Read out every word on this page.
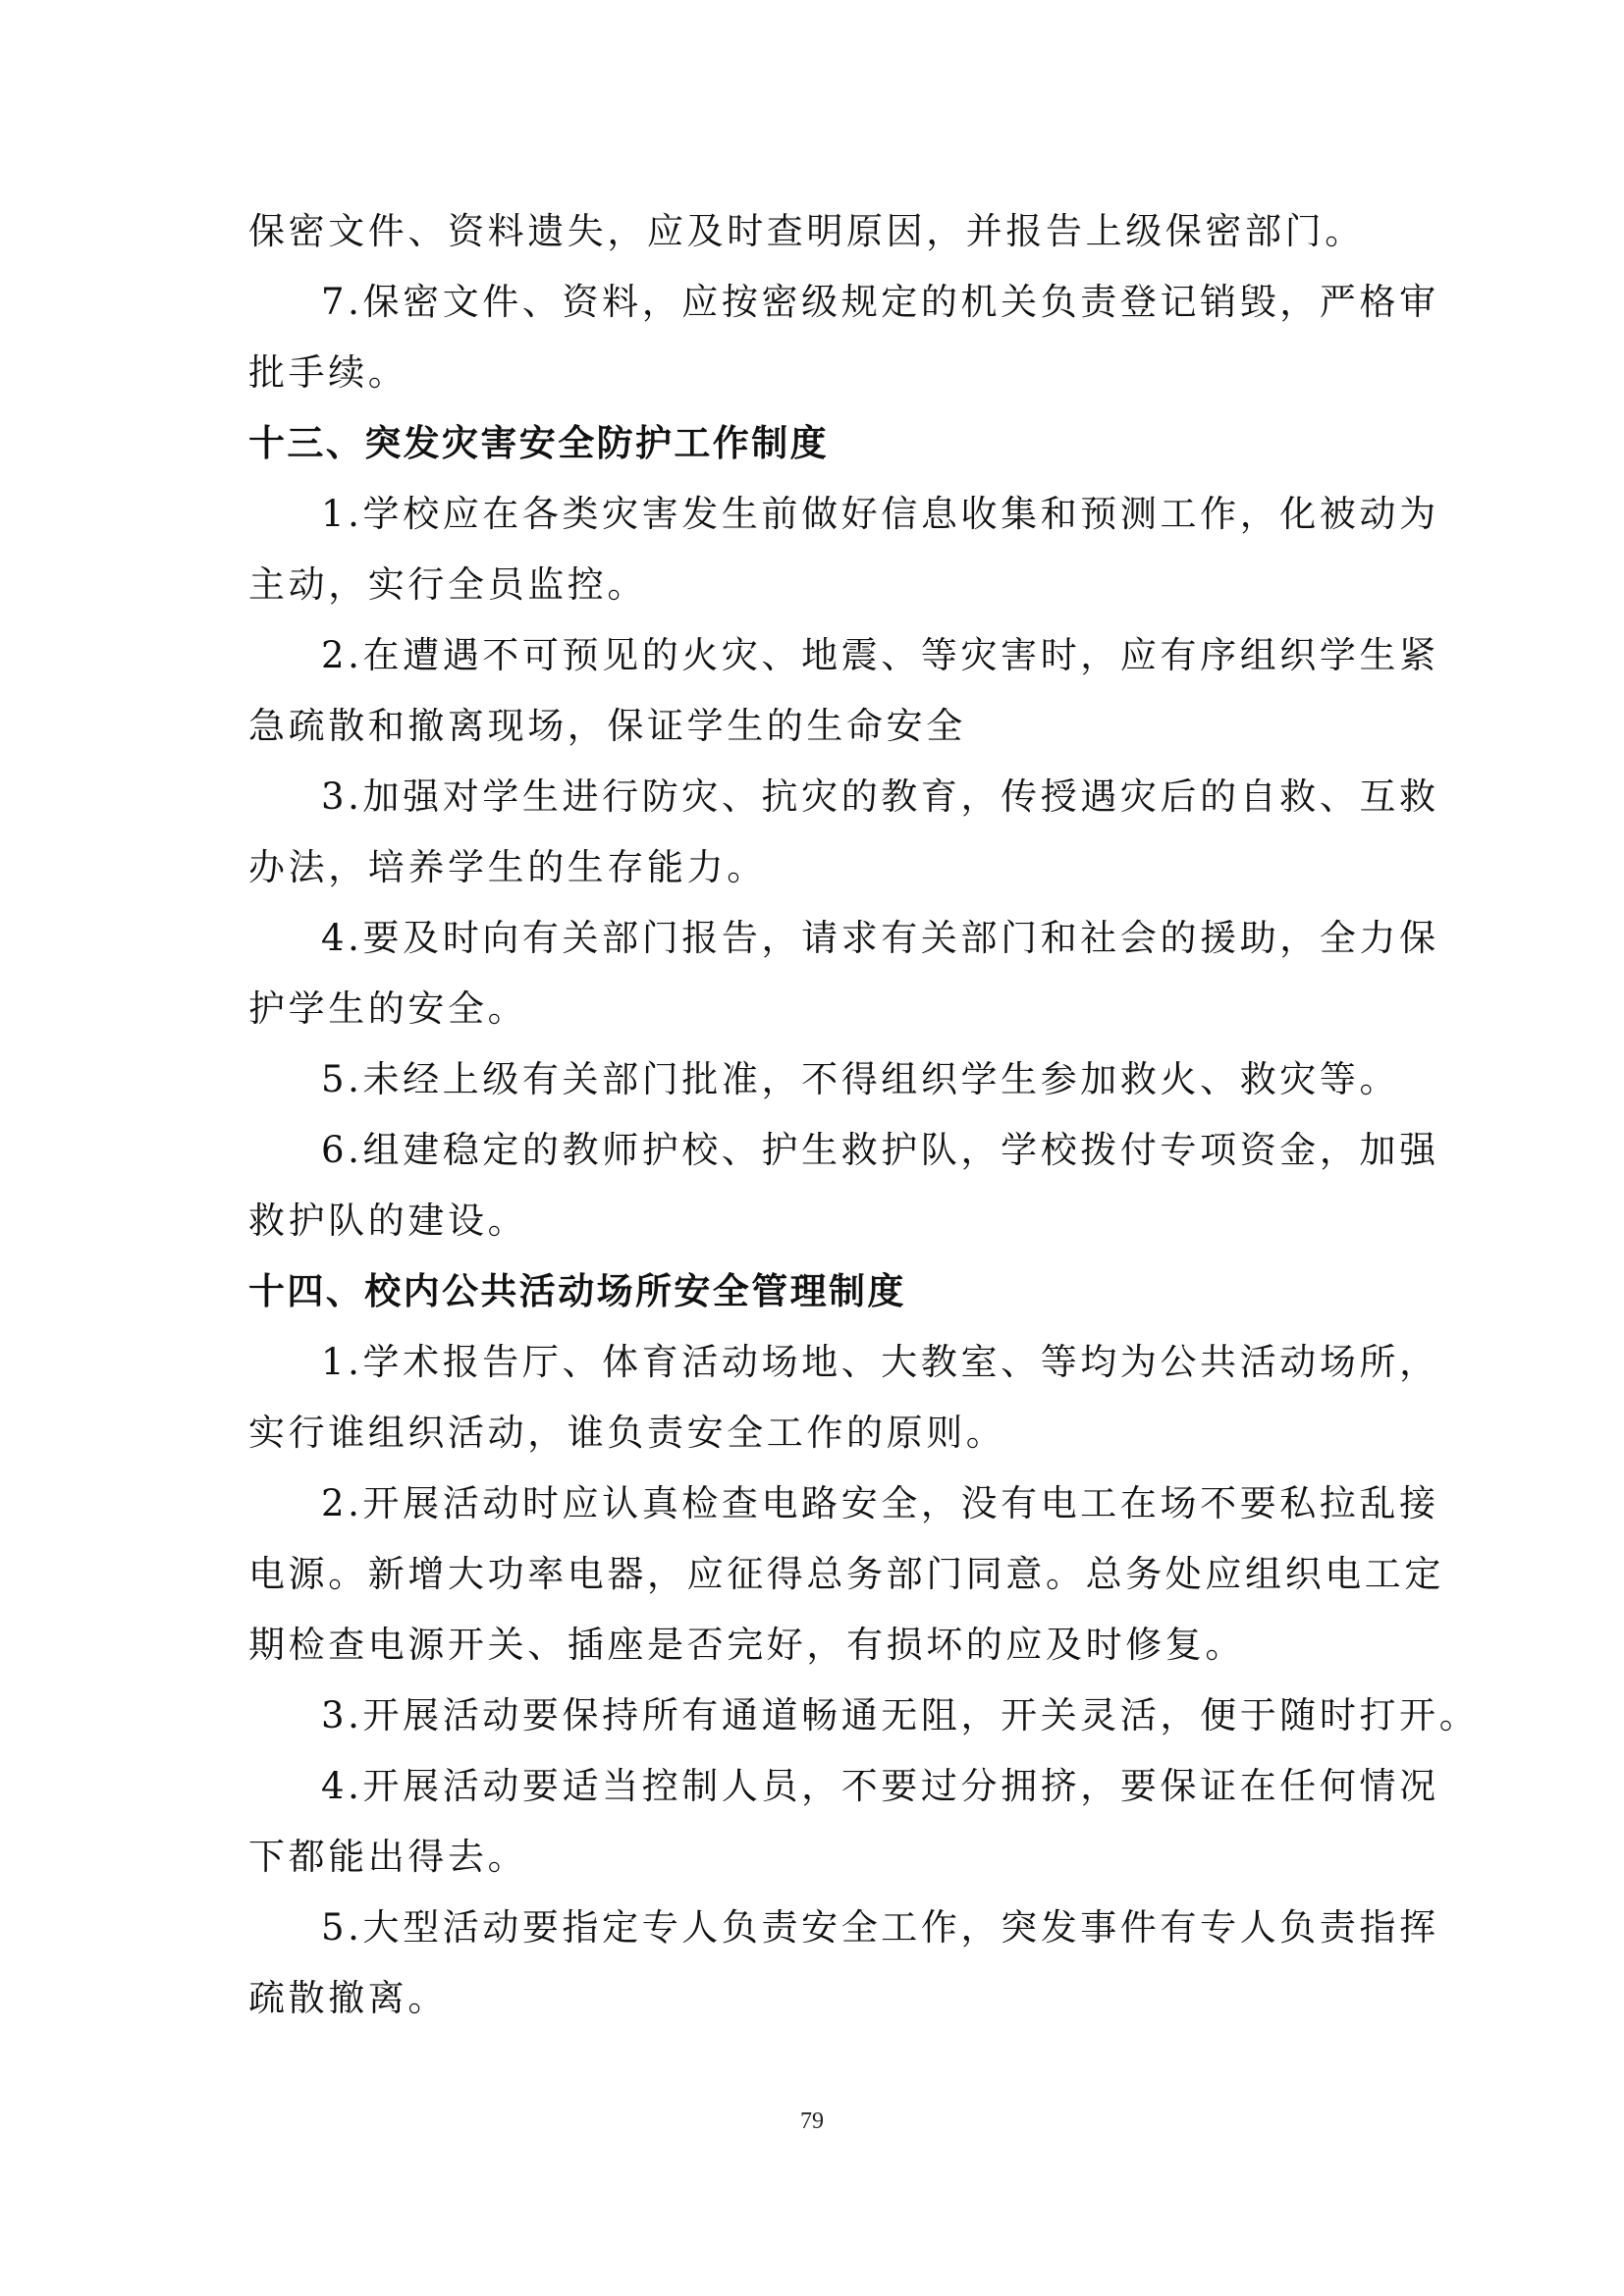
保密文件、资料遗失，应及时查明原因，并报告上级保密部门。
7.保密文件、资料，应按密级规定的机关负责登记销毁，严格审
批手续。
十三、突发灾害安全防护工作制度
1.学校应在各类灾害发生前做好信息收集和预测工作，化被动为
主动，实行全员监控。
2.在遭遇不可预见的火灾、地震、等灾害时，应有序组织学生紧
急疏散和撤离现场，保证学生的生命安全
3.加强对学生进行防灾、抗灾的教育，传授遇灾后的自救、互救
办法，培养学生的生存能力。
4.要及时向有关部门报告，请求有关部门和社会的援助，全力保
护学生的安全。
5.未经上级有关部门批准，不得组织学生参加救火、救灾等。
6.组建稳定的教师护校、护生救护队，学校拨付专项资金，加强
救护队的建设。
十四、校内公共活动场所安全管理制度
1.学术报告厅、体育活动场地、大教室、等均为公共活动场所，
实行谁组织活动，谁负责安全工作的原则。
2.开展活动时应认真检查电路安全，没有电工在场不要私拉乱接
电源。新增大功率电器，应征得总务部门同意。总务处应组织电工定
期检查电源开关、插座是否完好，有损坏的应及时修复。
3.开展活动要保持所有通道畅通无阻，开关灵活，便于随时打开。
4.开展活动要适当控制人员，不要过分拥挤，要保证在任何情况
下都能出得去。
5.大型活动要指定专人负责安全工作，突发事件有专人负责指挥
疏散撤离。
79
